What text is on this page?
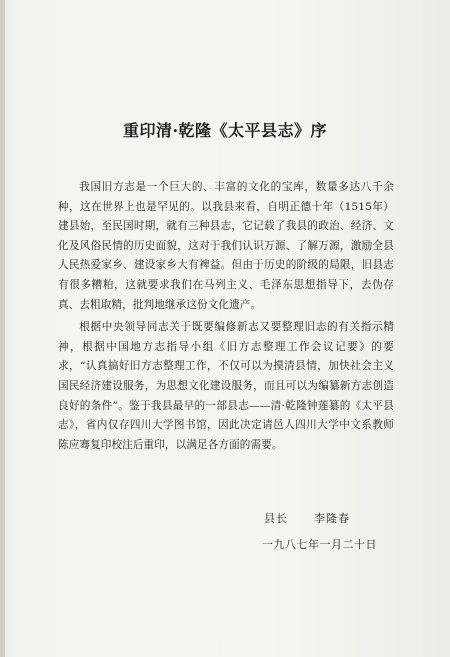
重印清·乾隆《太平县志》序

我国旧方志是一个巨大的、丰富的文化的宝库，数量多达八千余种，这在世界上也是罕见的。以我县来看，自明正德十年（1515年）建县始，至民国时期，就有三种县志，它记载了我县的政治、经济、文化及风俗民情的历史面貌，这对于我们认识万源、了解万源，激励全县人民热爱家乡、建设家乡大有裨益。但由于历史的阶级的局限，旧县志有很多糟粕，这就要求我们在马列主义、毛泽东思想指导下，去伪存真、去粗取精，批判地继承这份文化遗产。

根据中央领导同志关于既要编修新志又要整理旧志的有关指示精神，根据中国地方志指导小组《旧方志整理工作会议记要》的要求，“认真搞好旧方志整理工作，不仅可以为摸清县情，加快社会主义国民经济建设服务，为思想文化建设服务，而且可以为编纂新方志创造良好的条件”。鉴于我县最早的一部县志——清·乾隆钟莲纂的《太平县志》，省内仅存四川大学图书馆，因此决定请邑人四川大学中文系教师陈应骞复印校注后重印，以满足各方面的需要。

县长 李隆春
一九八七年一月二十日
